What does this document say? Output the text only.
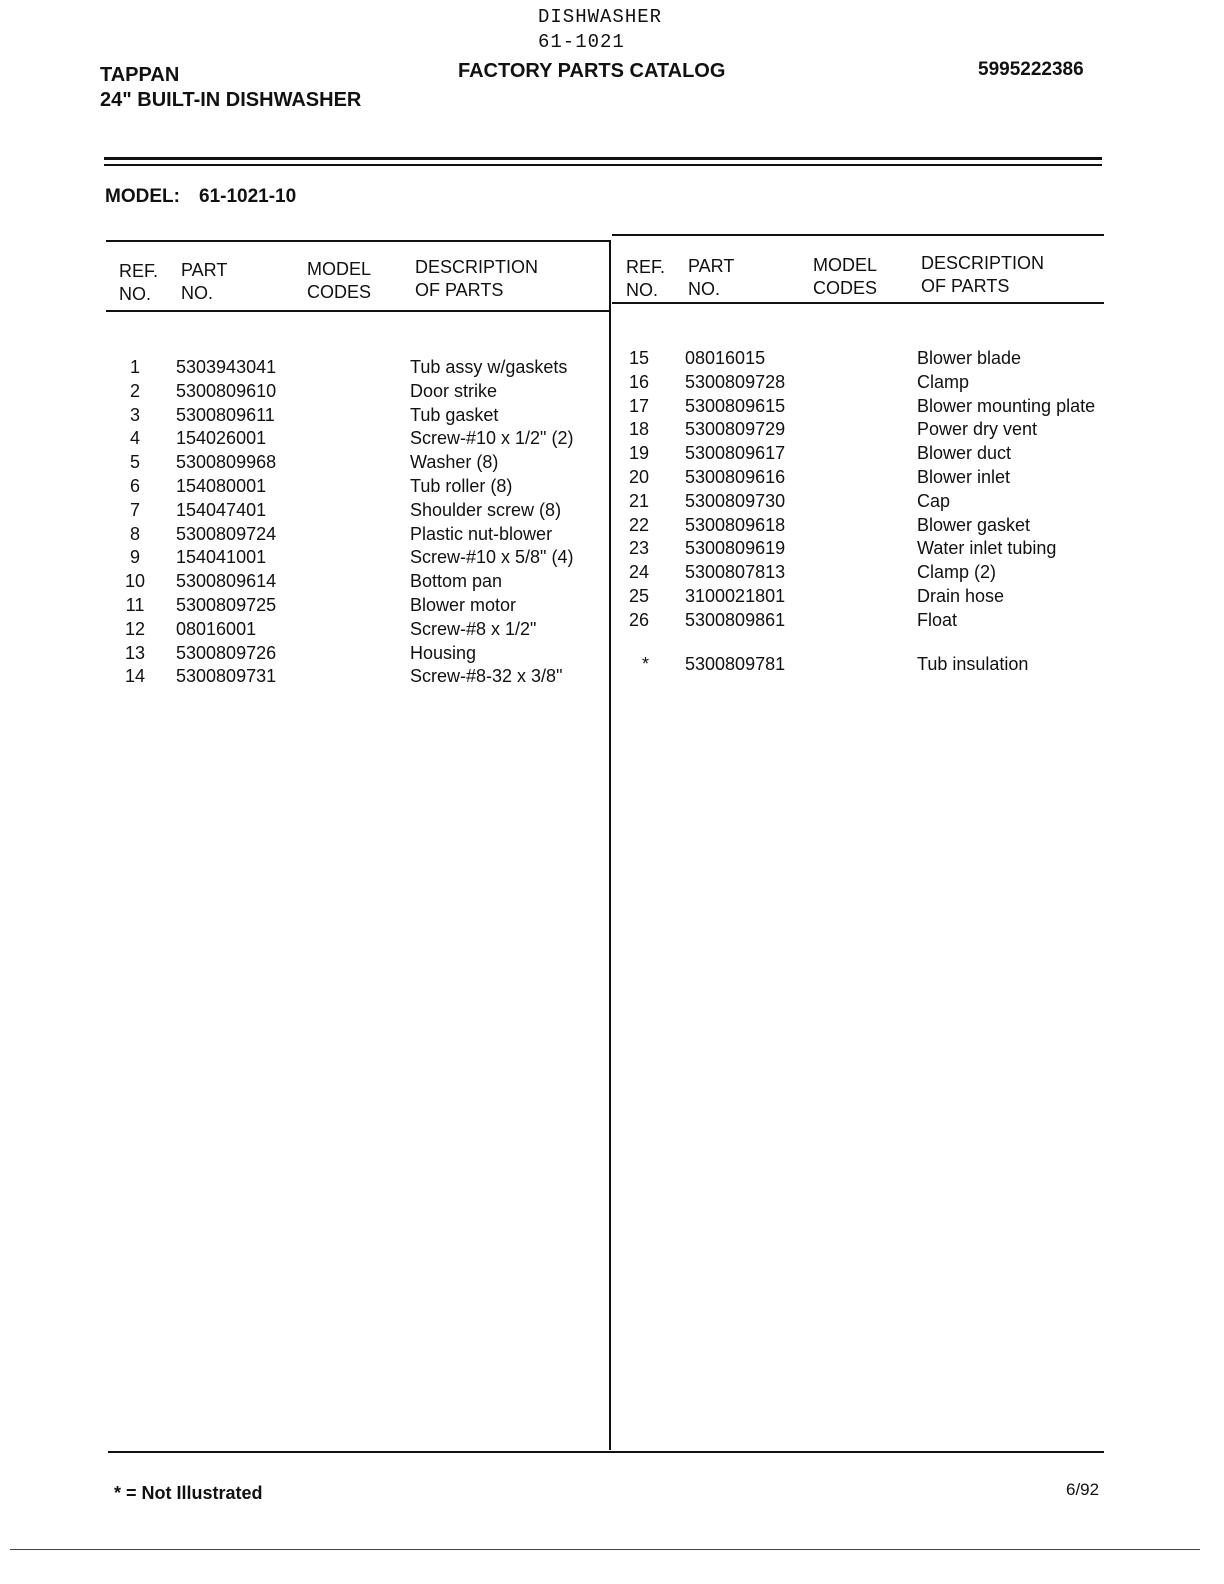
DISHWASHER
61-1021
TAPPAN
24" BUILT-IN DISHWASHER
FACTORY PARTS CATALOG	5995222386
MODEL: 61-1021-10
REF.
NO.
PART
NO.
MODEL
CODES
DESCRIPTION
OF PARTS
REF.
NO.
PART
NO.
MODEL
CODES
DESCRIPTION
OF PARTS
1	5303943041	Tub assy w/gaskets
2	5300809610	Door strike
3	5300809611	Tub gasket
4	154026001	Screw-#10 x 1/2" (2)
5	5300809968	Washer (8)
6	154080001	Tub roller (8)
7	154047401	Shoulder screw (8)
8	5300809724	Plastic nut-blower
9	154041001	Screw-#10 x 5/8" (4)
10 5300809614	Bottom pan
11	5300809725	Blower motor
12 08016001	Screw-#8 x 1/2"
13 5300809726	Housing
14 5300809731	Screw-#8-32 x 3/8"
15 08016015	Blower blade
16 5300809728	Clamp
17 5300809615	Blower mounting plate
18 5300809729	Power dry vent
19 5300809617	Blower duct
20 5300809616	Blower inlet
21 5300809730	Cap
22 5300809618	Blower gasket
23 5300809619	Water inlet tubing
24 5300807813	Clamp (2)
25 3100021801	Drain hose
26 5300809861	Float
* 5300809781	Tub insulation
* = Not Illustrated	6/92
